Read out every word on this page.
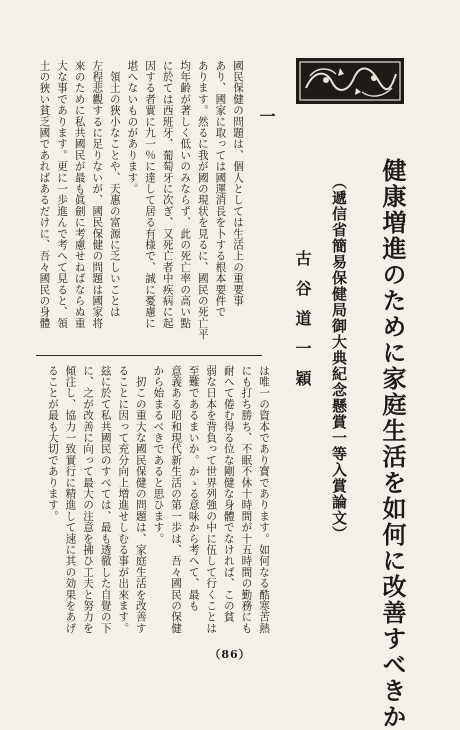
健康増進のために家庭生活を如何に改善すべきか
（遞信省簡易保健局御大典紀念懸賞一等入賞論文）
古谷道一穎
一
國民保健の問題は、個人としては生活上の重要事
あり、國家に取っては國運消長を卜する根本要件で
あります。然るに我が國の現状を見るに、國民の死亡平
均年齢が著しく低いのみならず、此の死亡率の高い點
に於ては西班牙、葡萄牙に次ぎ、又死亡者中疾病に起
因する者實に九一％に達して居る有様で、誠に憂慮に
堪へないものがあります。
　領土の狹小なことや、天惠の富源に乏しいことは
左程悲觀するに足りないが、國民保健の問題は國家将
來のために私共國民が最も眞劍に考慮せねばならぬ重
大な事であります。更に一歩進んで考へて見ると、領
土の狹い貧乏國であればあるだけに、吾々國民の身體
は唯一の資本であり寶であります。如何なる酷寒苦熱
にも打ち勝ち、不眠不休十時間が十五時間の勤務にも
耐へて倦む得る位な剛健な身體でなければ、この貧
弱な日本を背負って世界列強の中に伍して行くことは
至難であるまいか。かゝる意味から考へて、最も
意義ある昭和現代新生活の第一歩は、吾々國民の保健
から始まるべきであると思ひます。
　扨この重大な國民保健の問題は、家庭生活を改善す
ることに因って充分向上増進せしむる事が出來ます。
玆に於て私共國民のすべては、最も透徹した自覺の下
に、之が改善に向って最大の注意を拂ひ工夫と努力を
傾注し、協力一致實行に精進して速に其の効果をあげ
ることが最も大切であります。
（86）
